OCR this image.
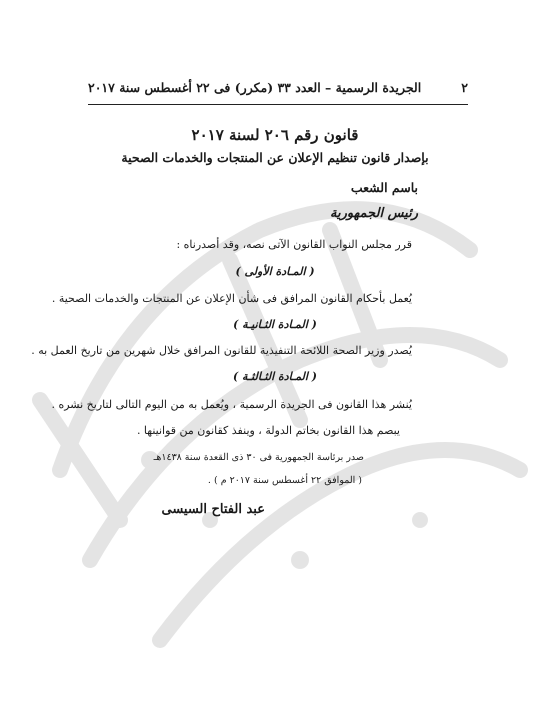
٢
الجريدة الرسمية – العدد ٣٣ (مكرر) فى ٢٢ أغسطس سنة ٢٠١٧
قانون رقم ٢٠٦ لسنة ٢٠١٧
بإصدار قانون تنظيم الإعلان عن المنتجات والخدمات الصحية
باسم الشعب
رئيس الجمهورية
قرر مجلس النواب القانون الآتى نصه، وقد أصدرناه :
( المـادة الأولى )
يُعمل بأحكام القانون المرافق فى شأن الإعلان عن المنتجات والخدمات الصحية .
( المـادة الثـانيـة )
يُصدر وزير الصحة اللائحة التنفيذية للقانون المرافق خلال شهرين من تاريخ العمل به .
( المـادة الثـالثـة )
يُنشر هذا القانون فى الجريدة الرسمية ، ويُعمل به من اليوم التالى لتاريخ نشره .
يبصم هذا القانون بخاتم الدولة ، وينفذ كقانون من قوانينها .
صدر برئاسة الجمهورية فى ٣٠ ذى القعدة سنة ١٤٣٨هـ
( الموافق ٢٢ أغسطس سنة ٢٠١٧ م ) .
عبد الفتاح السيسى
